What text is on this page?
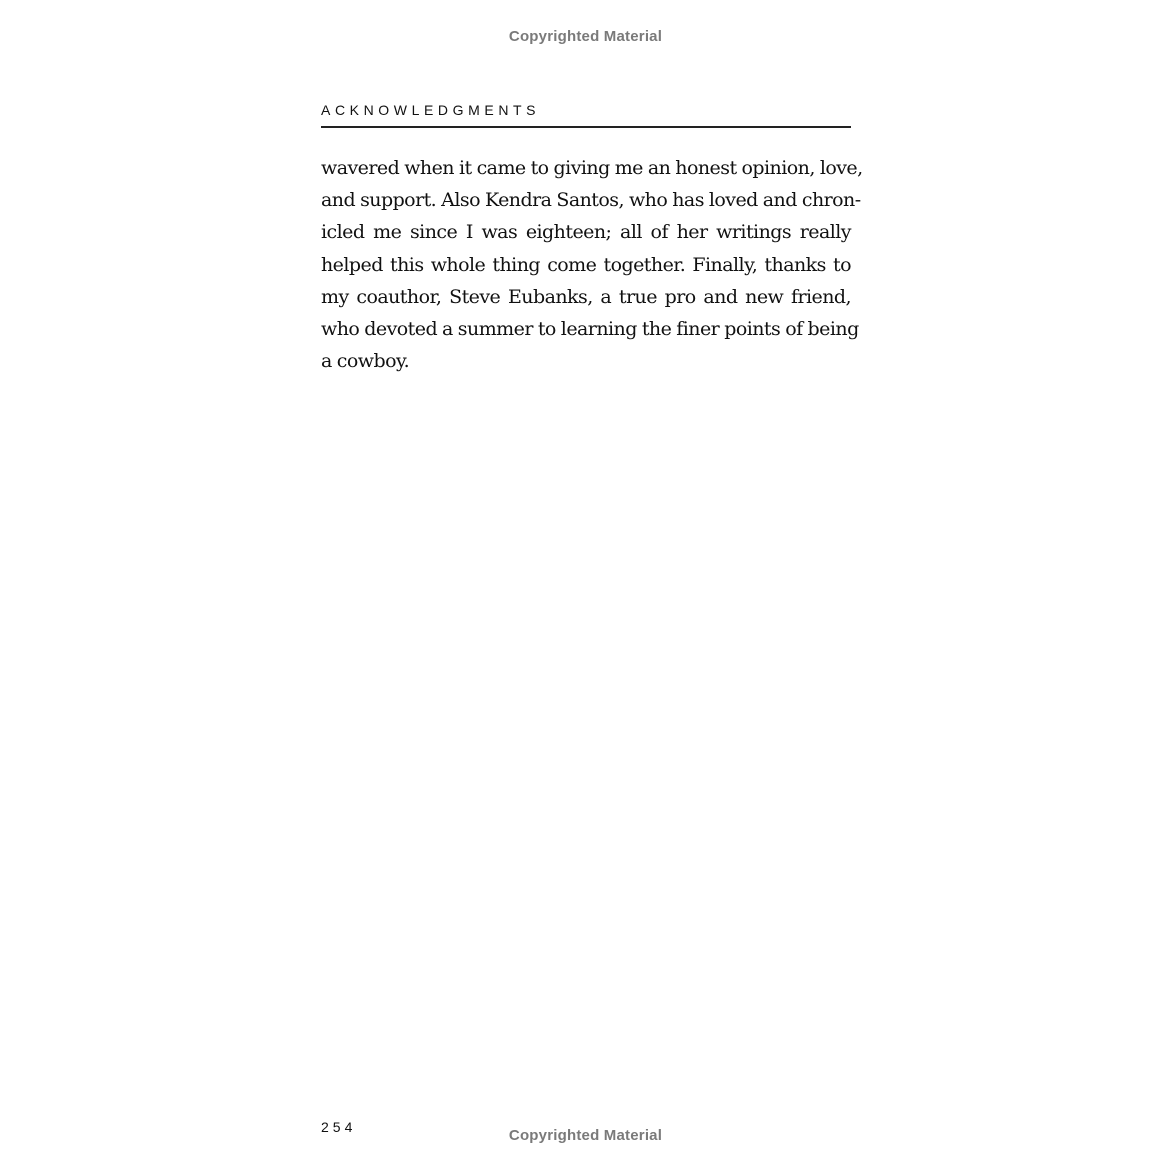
Copyrighted Material
ACKNOWLEDGMENTS
wavered when it came to giving me an honest opinion, love,
and support. Also Kendra Santos, who has loved and chron-
icled me since I was eighteen; all of her writings really
helped this whole thing come together. Finally, thanks to
my coauthor, Steve Eubanks, a true pro and new friend,
who devoted a summer to learning the finer points of being
a cowboy.
254	Copyrighted Material
